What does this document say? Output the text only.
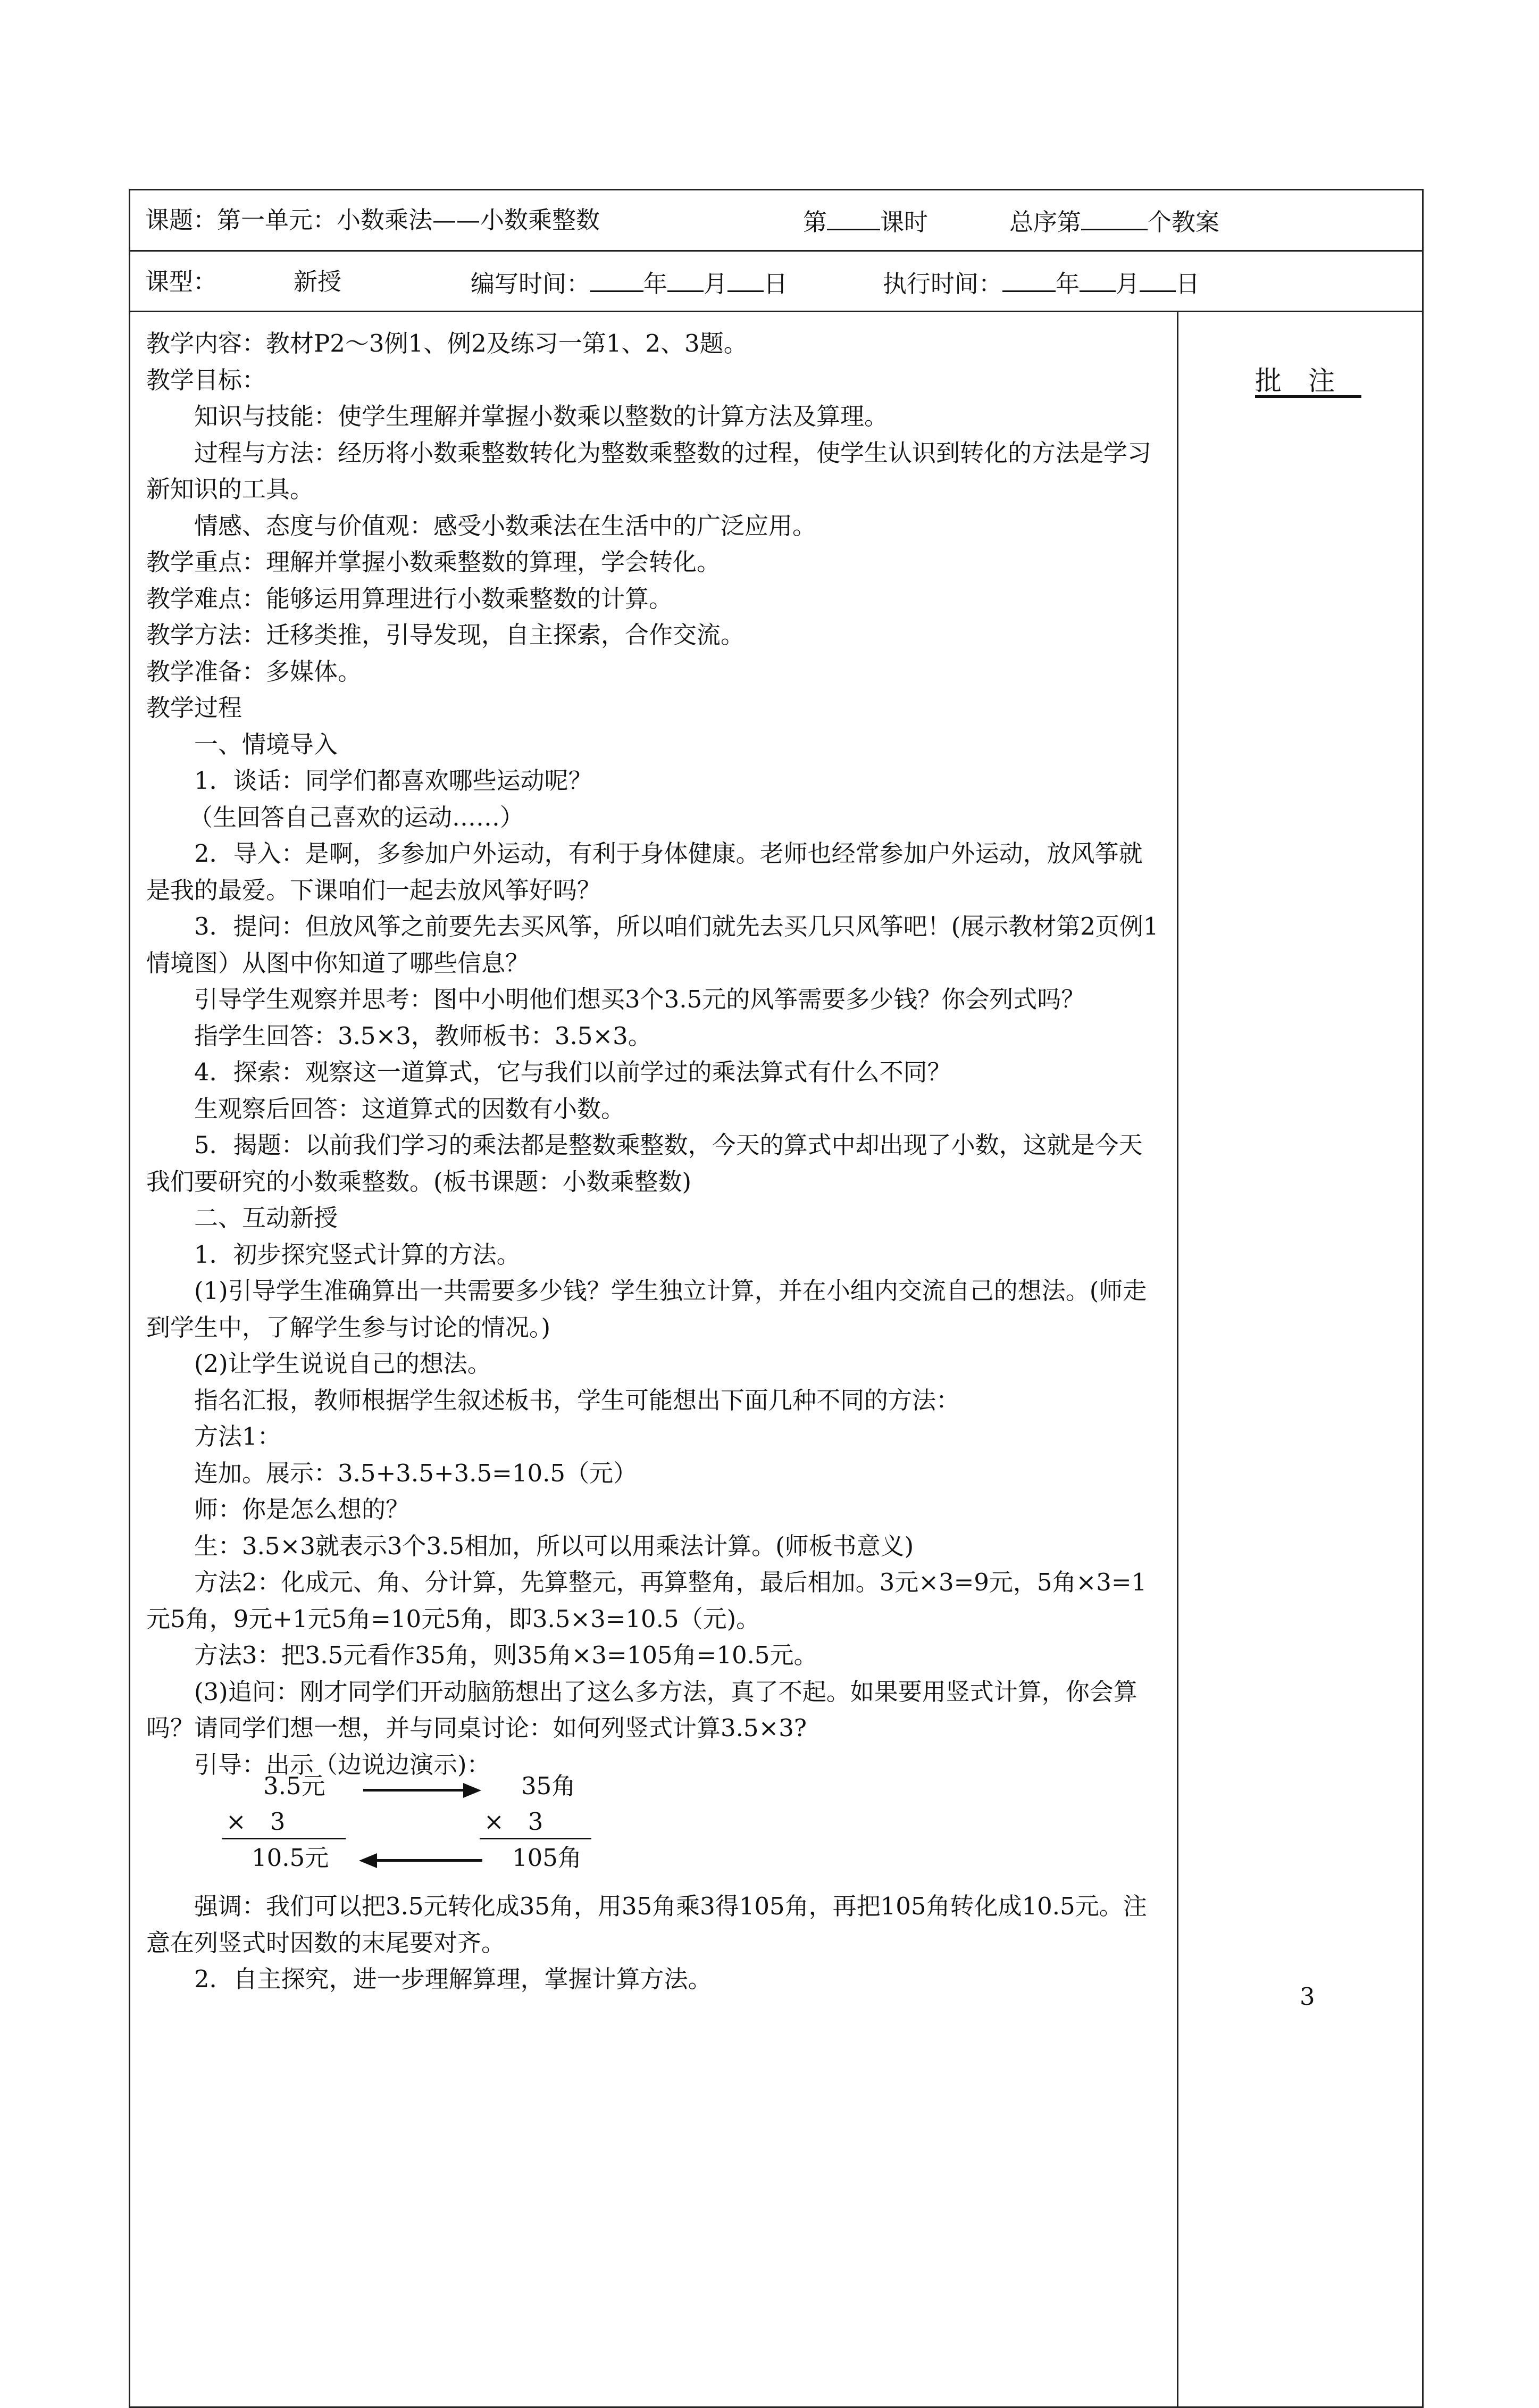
课题：第一单元：小数乘法——小数乘整数	第 课时	总序第	个教案
课型：	新授	编写时间： 年 月 日	执行时间： 年 月 日
批注

教学内容：教材P2～3例1、例2及练习一第1、2、3题。

教学目标：

知识与技能：使学生理解并掌握小数乘以整数的计算方法及算理。

过程与方法：经历将小数乘整数转化为整数乘整数的过程，使学生认识到转化的方法是学习新知识的工具。

情感、态度与价值观：感受小数乘法在生活中的广泛应用。

教学重点：理解并掌握小数乘整数的算理，学会转化。

教学难点：能够运用算理进行小数乘整数的计算。

教学方法：迁移类推，引导发现，自主探索，合作交流。

教学准备：多媒体。

教学过程

一、情境导入

1．谈话：同学们都喜欢哪些运动呢？

（生回答自己喜欢的运动……）

2．导入：是啊，多参加户外运动，有利于身体健康。老师也经常参加户外运动，放风筝就是我的最爱。下课咱们一起去放风筝好吗？

3．提问：但放风筝之前要先去买风筝，所以咱们就先去买几只风筝吧！(展示教材第2页例1情境图）从图中你知道了哪些信息？

引导学生观察并思考：图中小明他们想买3个3.5元的风筝需要多少钱？你会列式吗？

指学生回答：3.5×3，教师板书：3.5×3。

4．探索：观察这一道算式，它与我们以前学过的乘法算式有什么不同？

生观察后回答：这道算式的因数有小数。

5．揭题：以前我们学习的乘法都是整数乘整数，今天的算式中却出现了小数，这就是今天我们要研究的小数乘整数。(板书课题：小数乘整数)

二、互动新授

1．初步探究竖式计算的方法。

(1)引导学生准确算出一共需要多少钱？学生独立计算，并在小组内交流自己的想法。(师走到学生中，了解学生参与讨论的情况。)

(2)让学生说说自己的想法。

指名汇报，教师根据学生叙述板书，学生可能想出下面几种不同的方法：

方法1：

连加。展示：3.5+3.5+3.5=10.5（元）

师：你是怎么想的？

生：3.5×3就表示3个3.5相加，所以可以用乘法计算。(师板书意义)

方法2：化成元、角、分计算，先算整元，再算整角，最后相加。3元×3=9元，5角×3=1元5角，9元+1元5角=10元5角，即3.5×3=10.5（元)。

方法3：把3.5元看作35角，则35角×3=105角=10.5元。

(3)追问：刚才同学们开动脑筋想出了这么多方法，真了不起。如果要用竖式计算，你会算吗？请同学们想一想，并与同桌讨论：如何列竖式计算3.5×3?

引导：出示（边说边演示)：

3.5元
×　3
10.5元
35角
×　3
105角

强调：我们可以把3.5元转化成35角，用35角乘3得105角，再把105角转化成10.5元。注意在列竖式时因数的末尾要对齐。

2．自主探究，进一步理解算理，掌握计算方法。

3
